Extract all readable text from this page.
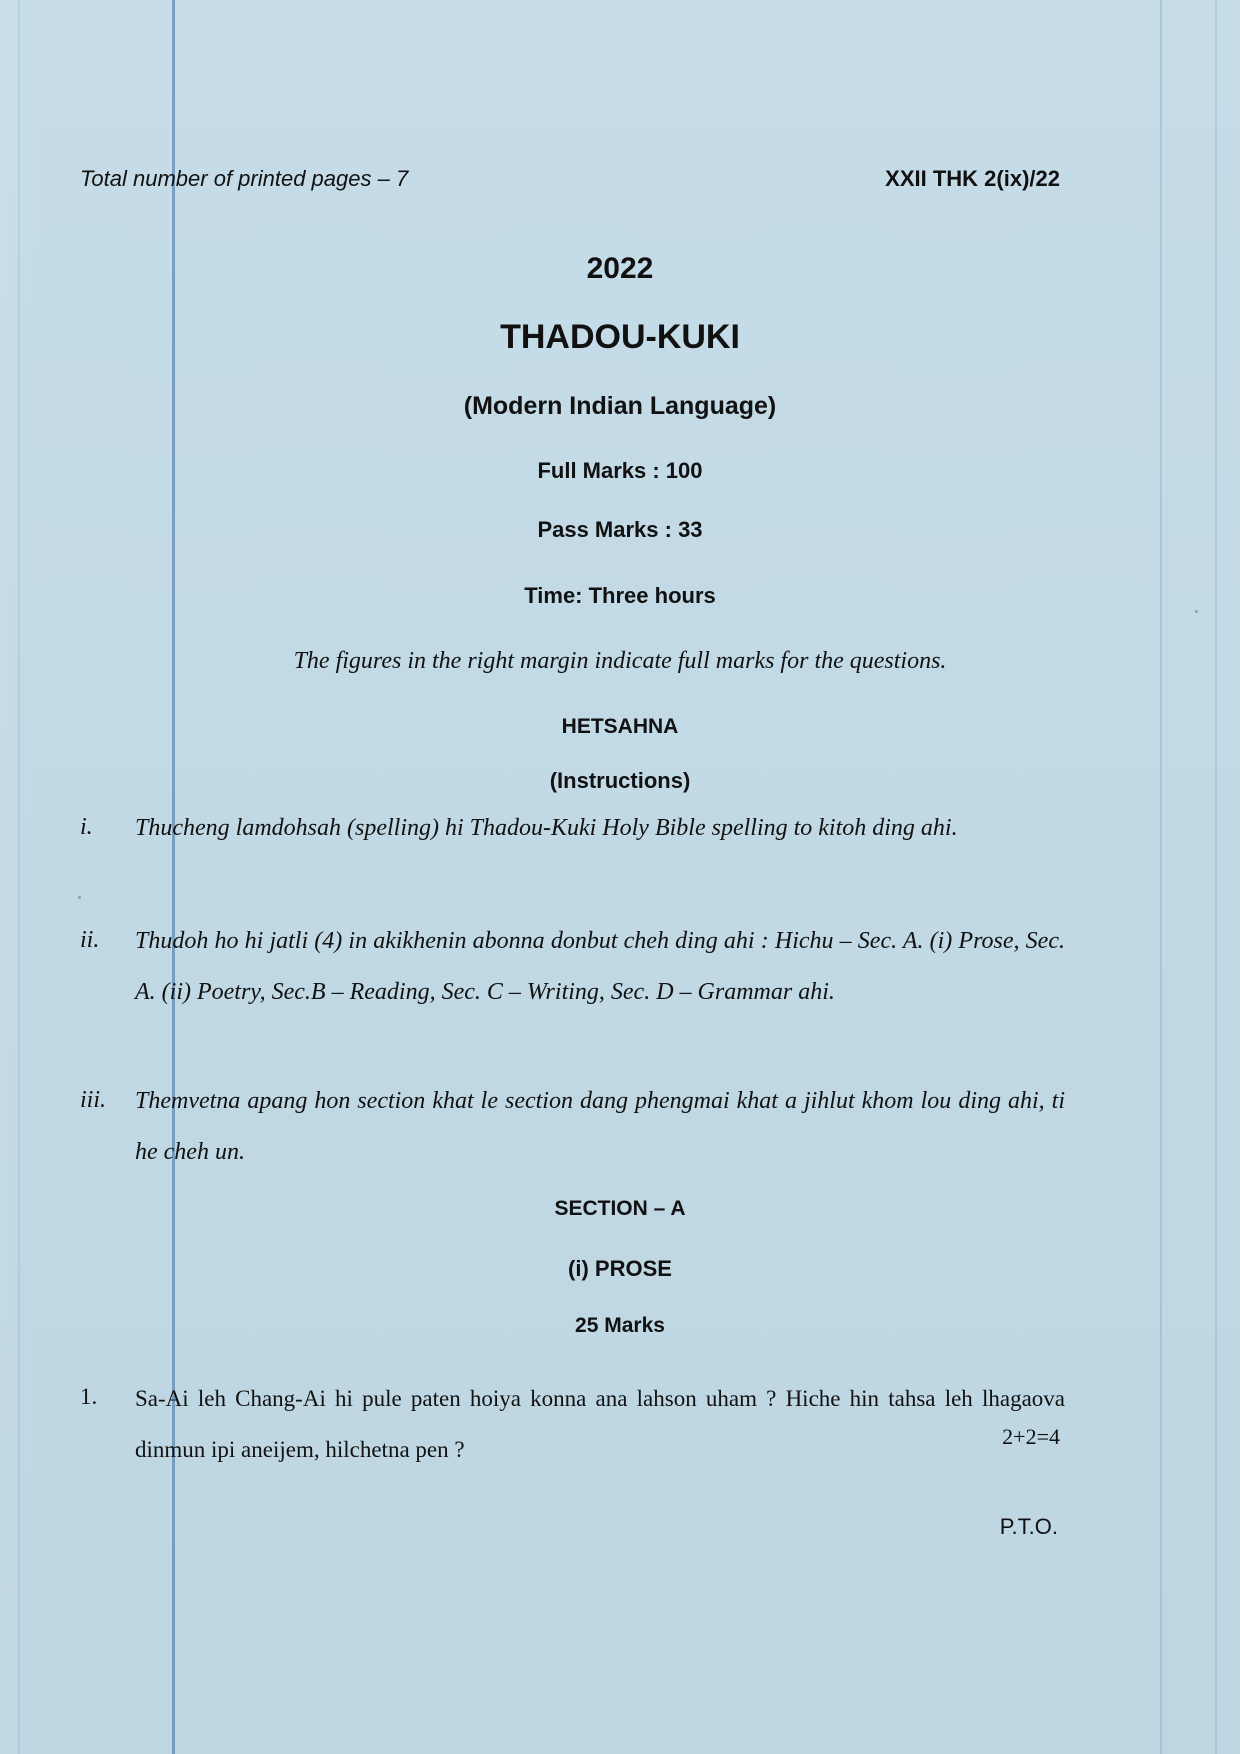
Total number of printed pages – 7	XXII THK 2(ix)/22
2022
THADOU-KUKI
(Modern Indian Language)
Full Marks : 100
Pass Marks : 33
Time: Three hours
The figures in the right margin indicate full marks for the questions.
HETSAHNA
(Instructions)
i. Thucheng lamdohsah (spelling) hi Thadou-Kuki Holy Bible spelling to kitoh ding ahi.
ii. Thudoh ho hi jatli (4) in akikhenin abonna donbut cheh ding ahi : Hichu – Sec. A. (i) Prose, Sec. A. (ii) Poetry, Sec.B – Reading, Sec. C – Writing, Sec. D – Grammar ahi.
iii. Themvetna apang hon section khat le section dang phengmai khat a jihlut khom lou ding ahi, ti he cheh un.
SECTION – A
(i) PROSE
25 Marks
1. Sa-Ai leh Chang-Ai hi pule paten hoiya konna ana lahson uham ? Hiche hin tahsa leh lhagaova dinmun ipi aneijem, hilchetna pen ?
2+2=4
P.T.O.
